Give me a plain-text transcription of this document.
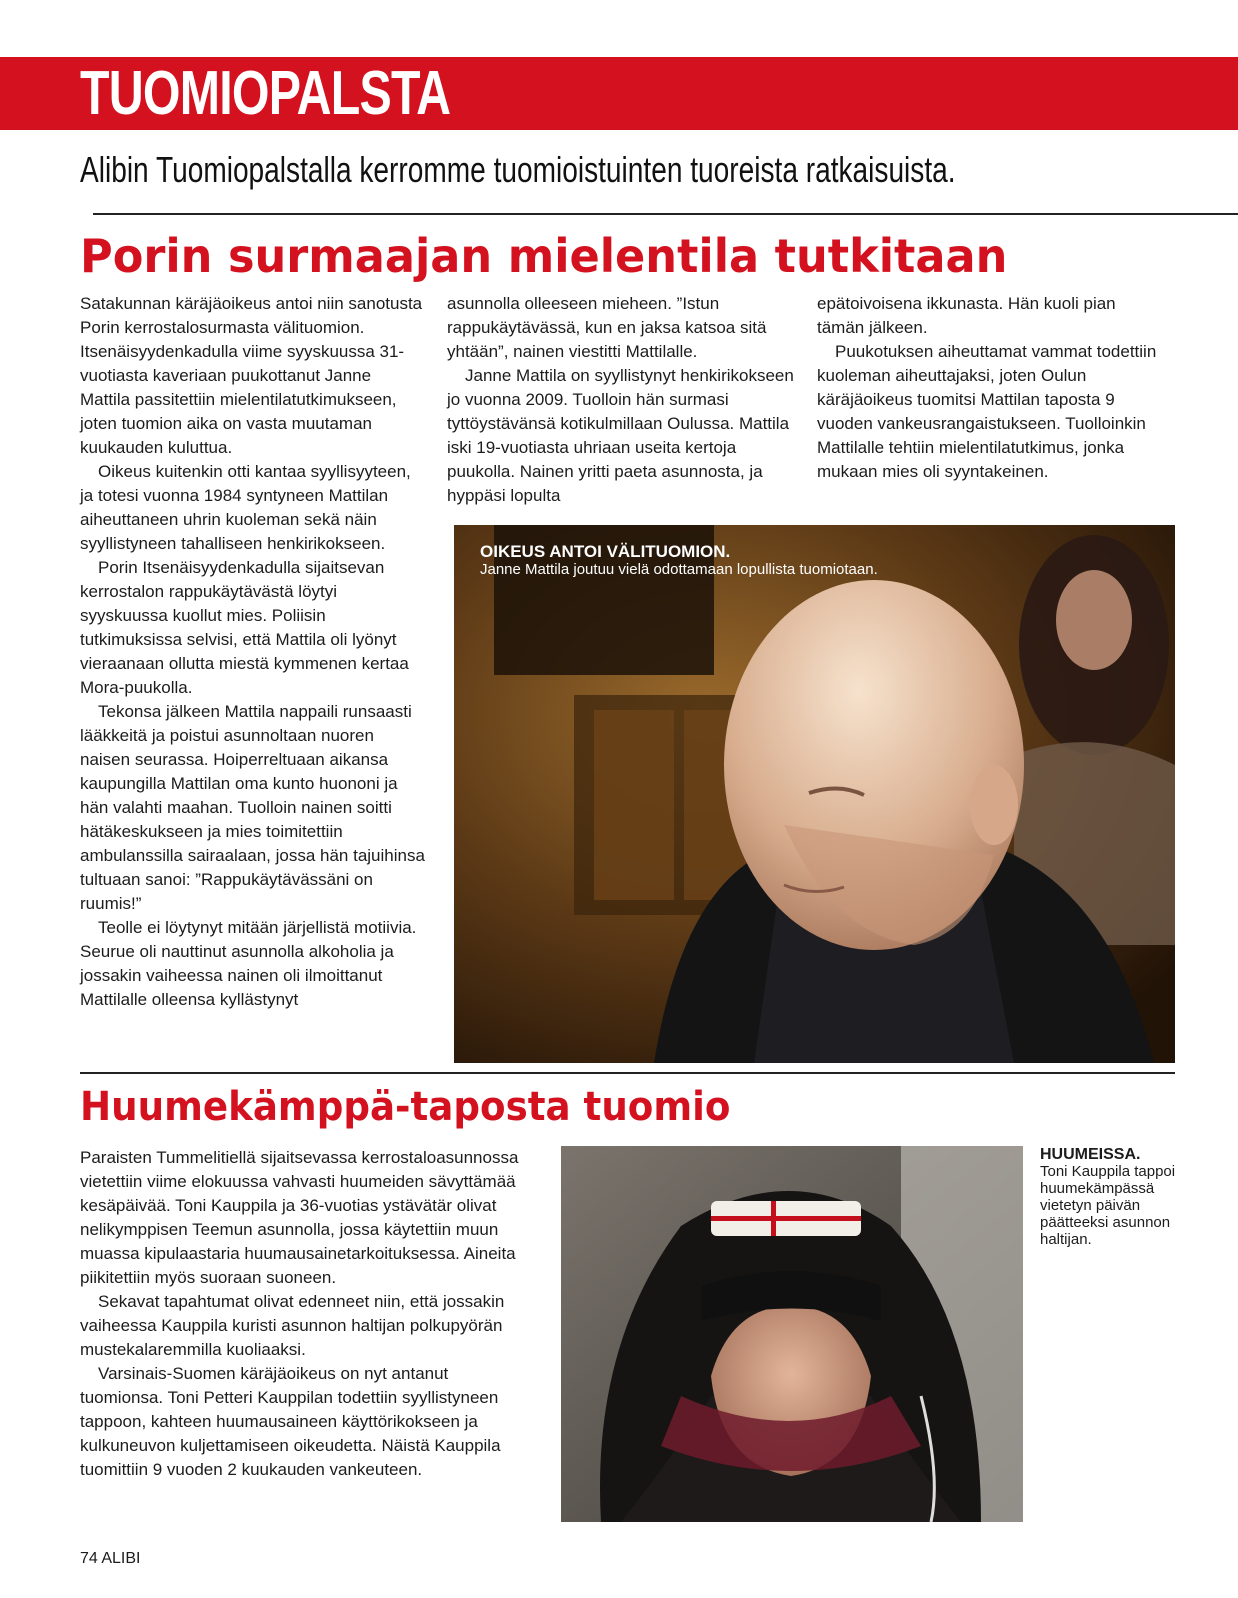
TUOMIOPALSTA
Alibin Tuomiopalstalla kerromme tuomioistuinten tuoreista ratkaisuista.
Porin surmaajan mielentila tutkitaan

Satakunnan käräjäoikeus antoi niin sanotusta Porin kerrostalosurmasta välituomion. Itsenäisyydenkadulla viime syyskuussa 31-vuotiasta kaveriaan puukottanut Janne Mattila passitettiin mielentilatutkimukseen, joten tuomion aika on vasta muutaman kuukauden kuluttua.

Oikeus kuitenkin otti kantaa syyllisyyteen, ja totesi vuonna 1984 syntyneen Mattilan aiheuttaneen uhrin kuoleman sekä näin syyllistyneen tahalliseen henkirikokseen.

Porin Itsenäisyydenkadulla sijaitsevan kerrostalon rappukäytävästä löytyi syyskuussa kuollut mies. Poliisin tutkimuksissa selvisi, että Mattila oli lyönyt vieraanaan ollutta miestä kymmenen kertaa Mora-puukolla.

Tekonsa jälkeen Mattila nappaili runsaasti lääkkeitä ja poistui asunnoltaan nuoren naisen seurassa. Hoiperreltuaan aikansa kaupungilla Mattilan oma kunto huononi ja hän valahti maahan. Tuolloin nainen soitti hätäkeskukseen ja mies toimitettiin ambulanssilla sairaalaan, jossa hän tajuihinsa tultuaan sanoi: ”Rappukäytävässäni on ruumis!”

Teolle ei löytynyt mitään järjellistä motiivia. Seurue oli nauttinut asunnolla alkoholia ja jossakin vaiheessa nainen oli ilmoittanut Mattilalle olleensa kyllästynyt

asunnolla olleeseen mieheen. ”Istun rappukäytävässä, kun en jaksa katsoa sitä yhtään”, nainen viestitti Mattilalle.

Janne Mattila on syyllistynyt henkirikokseen jo vuonna 2009. Tuolloin hän surmasi tyttöystävänsä kotikulmillaan Oulussa. Mattila iski 19-vuotiasta uhriaan useita kertoja puukolla. Nainen yritti paeta asunnosta, ja hyppäsi lopulta

epätoivoisena ikkunasta. Hän kuoli pian tämän jälkeen.

Puukotuksen aiheuttamat vammat todettiin kuoleman aiheuttajaksi, joten Oulun käräjäoikeus tuomitsi Mattilan taposta 9 vuoden vankeusrangaistukseen. Tuolloinkin Mattilalle tehtiin mielentilatutkimus, jonka mukaan mies oli syyntakeinen.

OIKEUS ANTOI VÄLITUOMION.
Janne Mattila joutuu vielä odottamaan lopullista tuomiotaan.
Huumekämppä-taposta tuomio

Paraisten Tummelitiellä sijaitsevassa kerrostaloasunnossa vietettiin viime elokuussa vahvasti huumeiden sävyttämää kesäpäivää. Toni Kauppila ja 36-vuotias ystävätär olivat nelikymppisen Teemun asunnolla, jossa käytettiin muun muassa kipulaastaria huumausainetarkoituksessa. Aineita piikitettiin myös suoraan suoneen.

Sekavat tapahtumat olivat edenneet niin, että jossakin vaiheessa Kauppila kuristi asunnon haltijan polkupyörän mustekalaremmilla kuoliaaksi.

Varsinais-Suomen käräjäoikeus on nyt antanut tuomionsa. Toni Petteri Kauppilan todettiin syyllistyneen tappoon, kahteen huumausaineen käyttörikokseen ja kulkuneuvon kuljettamiseen oikeudetta. Näistä Kauppila tuomittiin 9 vuoden 2 kuukauden vankeuteen.

HUUMEISSA.
Toni Kauppila tappoi huumekämpässä vietetyn päivän päätteeksi asunnon haltijan.
74 ALIBI
